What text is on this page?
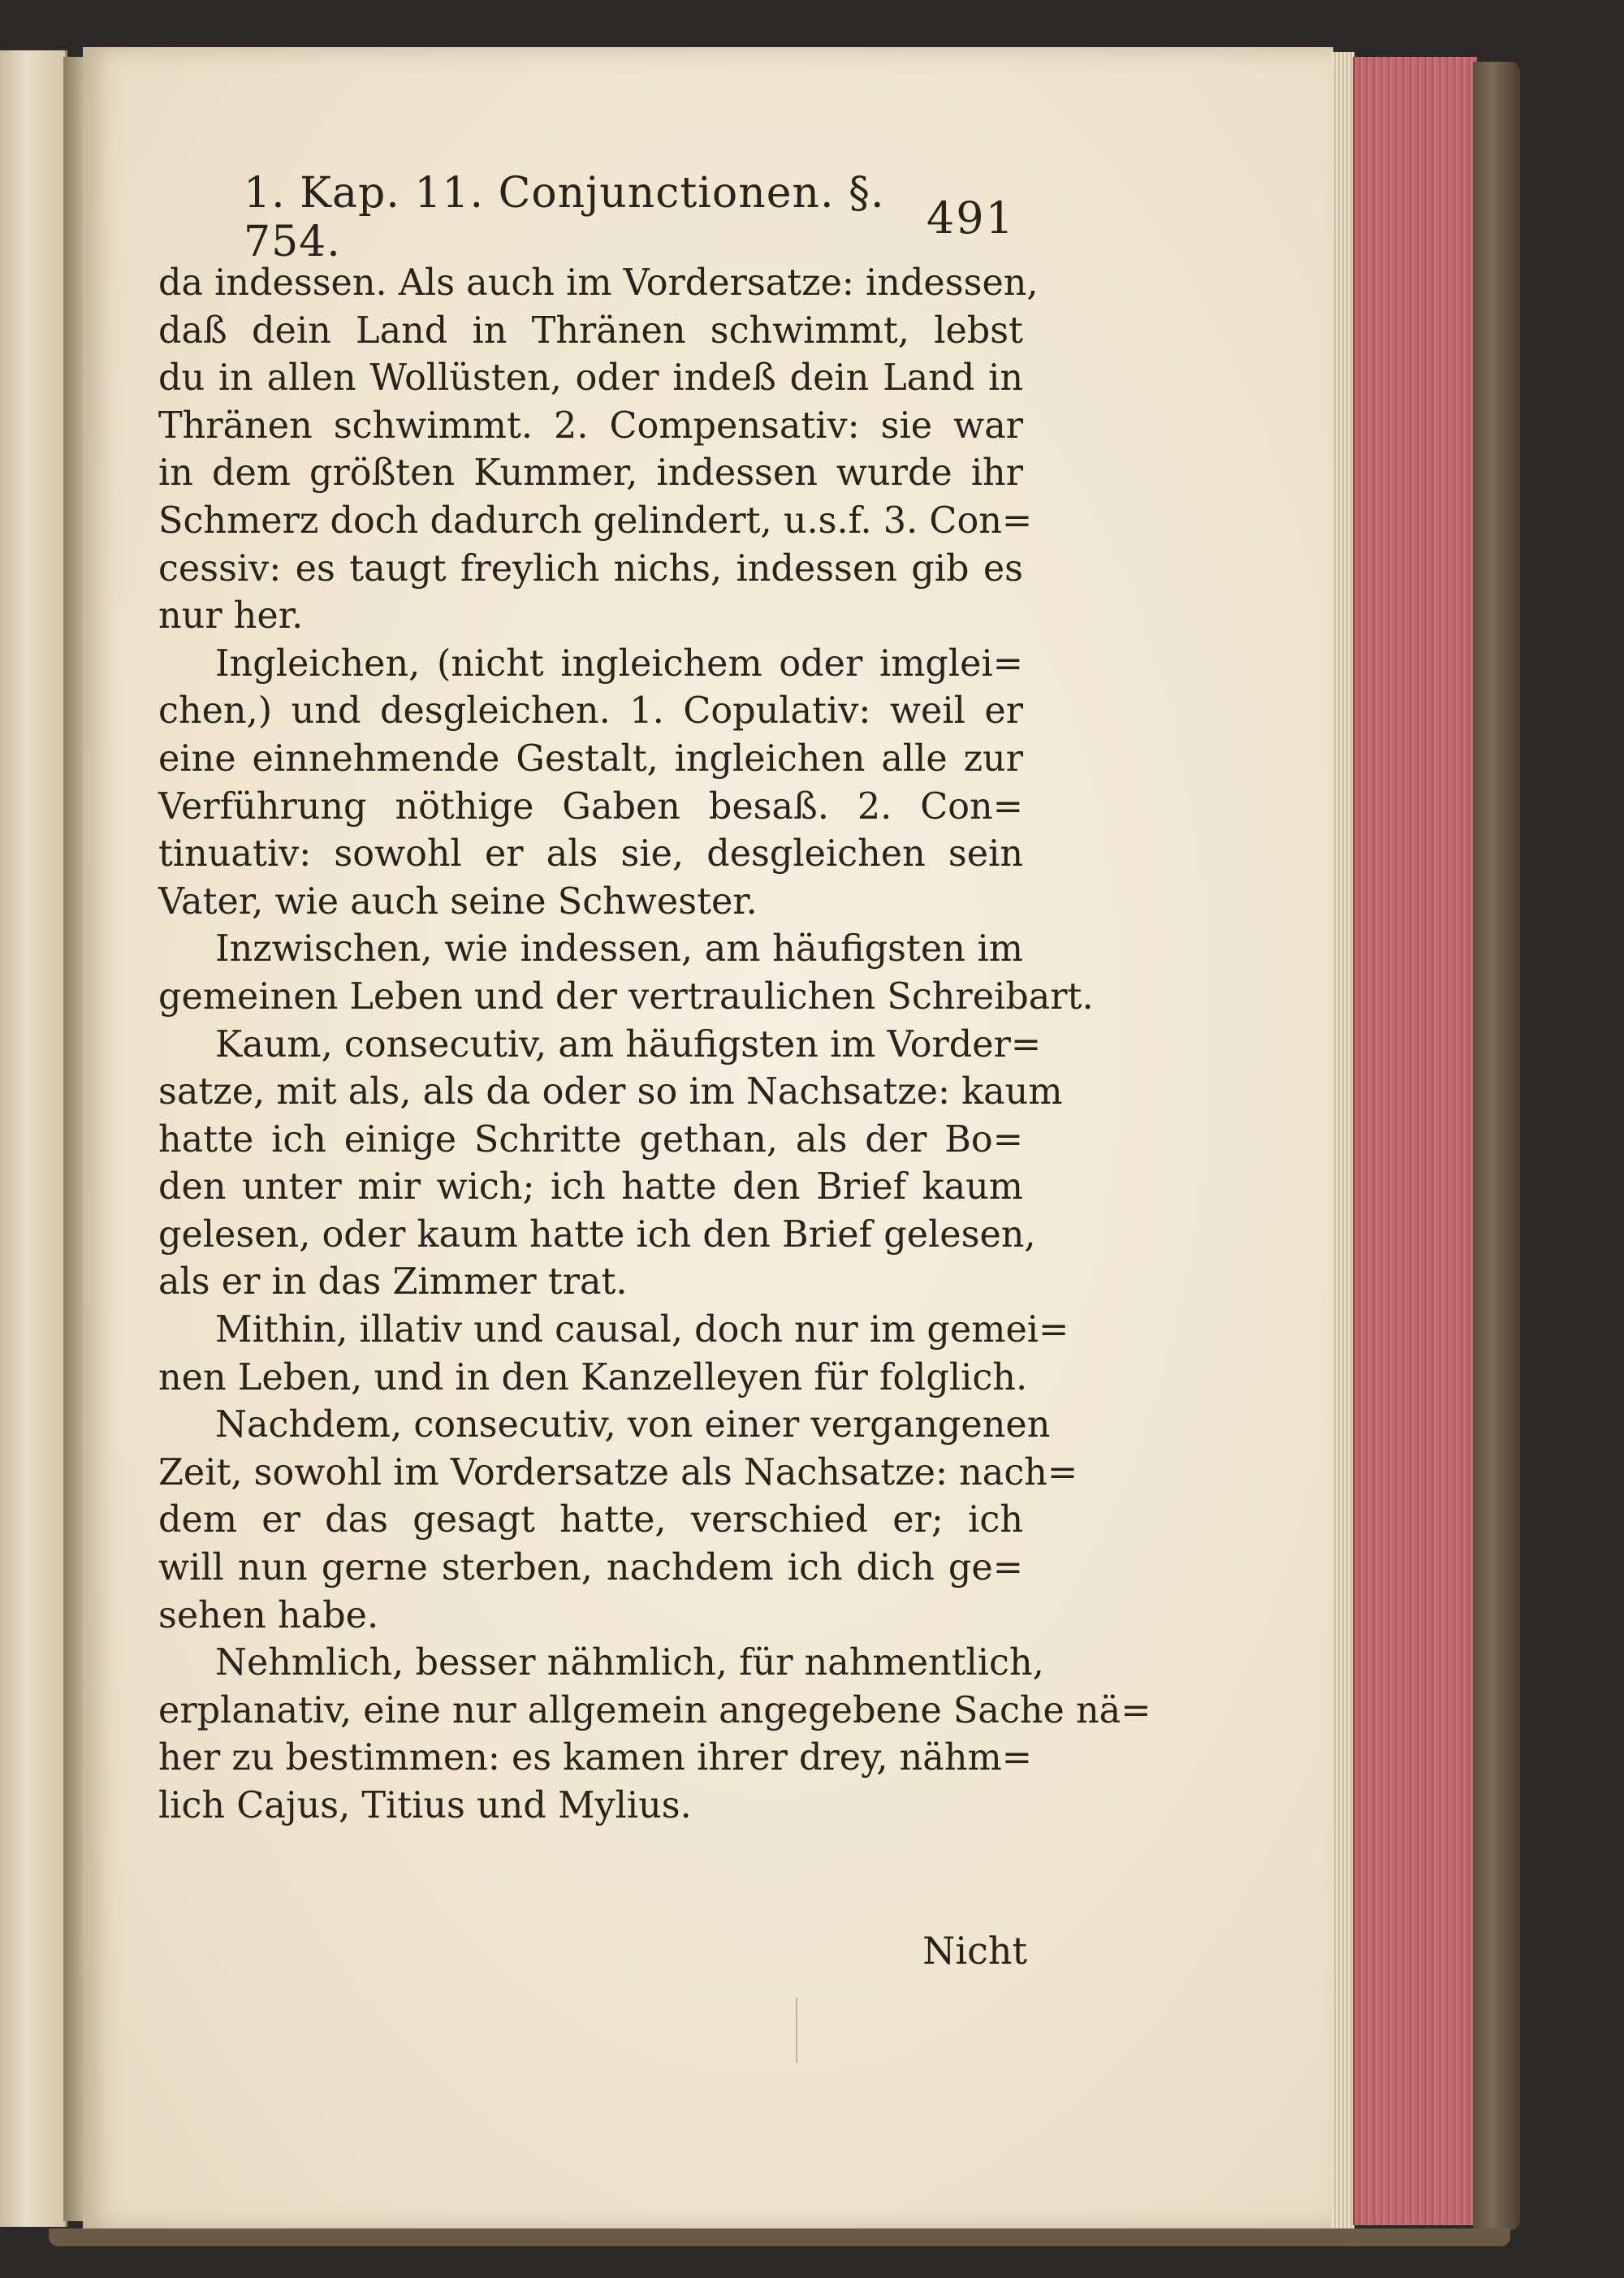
1. Kap. 11. Conjunctionen. §. 754.	491
da indessen. Als auch im Vordersatze: indessen,
daß dein Land in Thränen schwimmt, lebst
du in allen Wollüsten, oder indeß dein Land in
Thränen schwimmt. 2. Compensativ: sie war
in dem größten Kummer, indessen wurde ihr
Schmerz doch dadurch gelindert, u.s.f. 3. Con=
cessiv: es taugt freylich nichs, indessen gib es
nur her.
Ingleichen, (nicht ingleichem oder imglei=
chen,) und desgleichen. 1. Copulativ: weil er
eine einnehmende Gestalt, ingleichen alle zur
Verführung nöthige Gaben besaß. 2. Con=
tinuativ: sowohl er als sie, desgleichen sein
Vater, wie auch seine Schwester.
Inzwischen, wie indessen, am häufigsten im
gemeinen Leben und der vertraulichen Schreibart.
Kaum, consecutiv, am häufigsten im Vorder=
satze, mit als, als da oder so im Nachsatze: kaum
hatte ich einige Schritte gethan, als der Bo=
den unter mir wich; ich hatte den Brief kaum
gelesen, oder kaum hatte ich den Brief gelesen,
als er in das Zimmer trat.
Mithin, illativ und causal, doch nur im gemei=
nen Leben, und in den Kanzelleyen für folglich.
Nachdem, consecutiv, von einer vergangenen
Zeit, sowohl im Vordersatze als Nachsatze: nach=
dem er das gesagt hatte, verschied er; ich
will nun gerne sterben, nachdem ich dich ge=
sehen habe.
Nehmlich, besser nähmlich, für nahmentlich,
erplanativ, eine nur allgemein angegebene Sache nä=
her zu bestimmen: es kamen ihrer drey, nähm=
lich Cajus, Titius und Mylius.
Nicht
